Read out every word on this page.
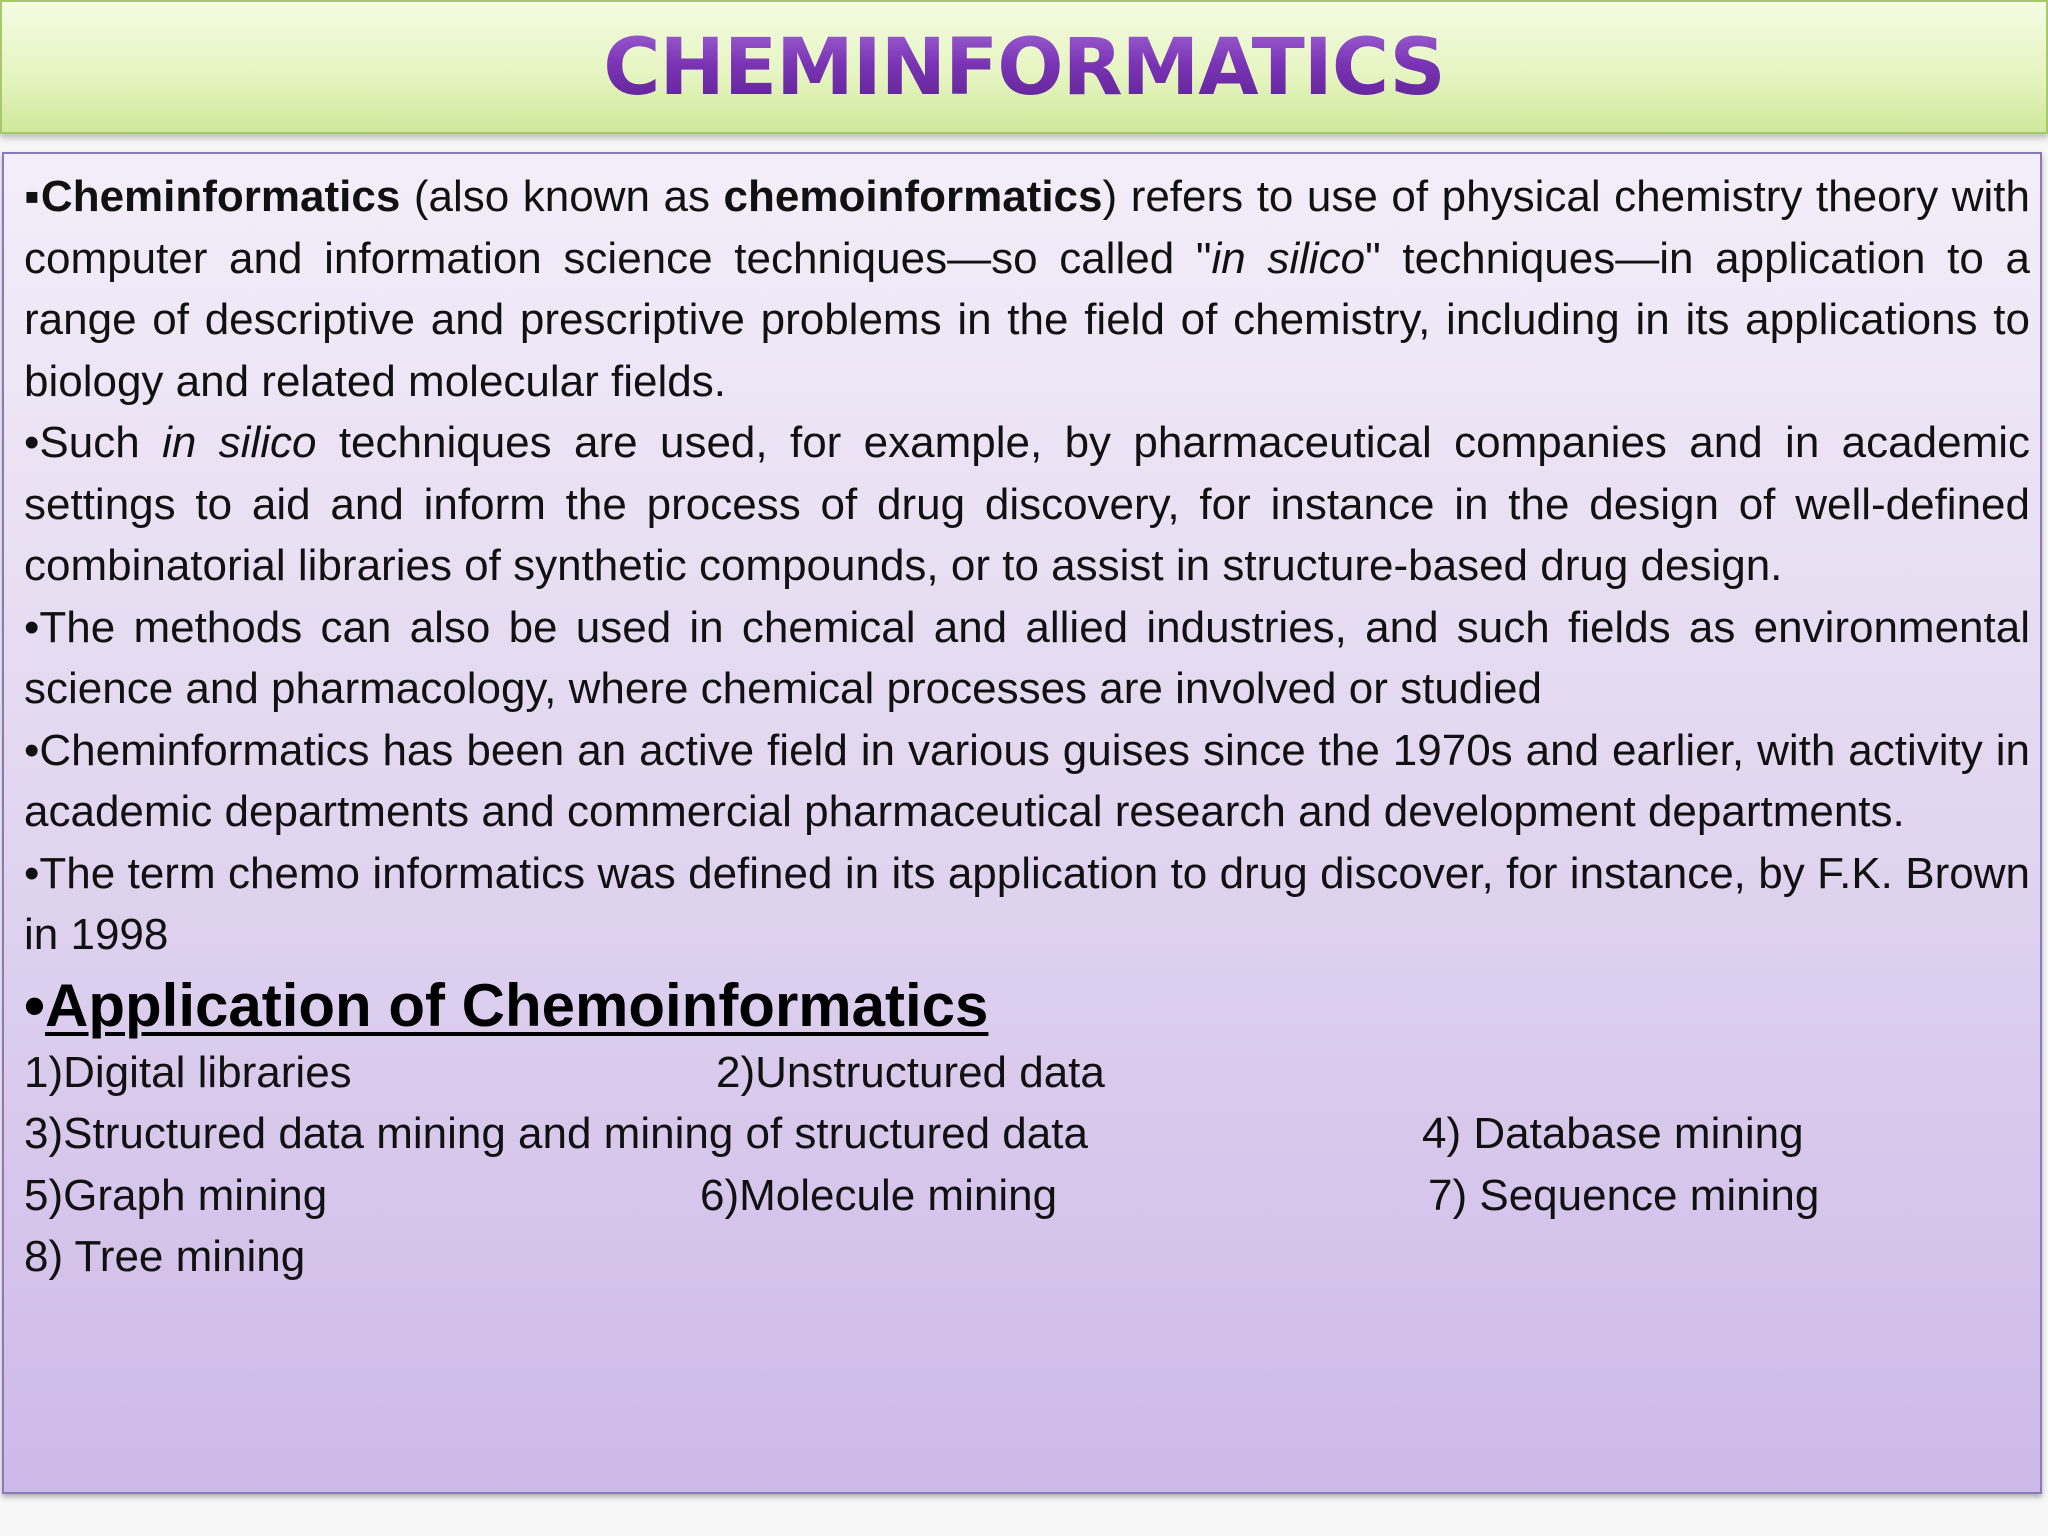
CHEMINFORMATICS

▪Cheminformatics (also known as chemoinformatics) refers to use of physical chemistry theory with computer and information science techniques—so called "in silico" techniques—in application to a range of descriptive and prescriptive problems in the field of chemistry, including in its applications to biology and related molecular fields.

•Such in silico techniques are used, for example, by pharmaceutical companies and in academic settings to aid and inform the process of drug discovery, for instance in the design of well-defined combinatorial libraries of synthetic compounds, or to assist in structure-based drug design.

•The methods can also be used in chemical and allied industries, and such fields as environmental science and pharmacology, where chemical processes are involved or studied

•Cheminformatics has been an active field in various guises since the 1970s and earlier, with activity in academic departments and commercial pharmaceutical research and development departments.

•The term chemo informatics was defined in its application to drug discover, for instance, by F.K. Brown in 1998

•Application of Chemoinformatics
1)Digital libraries	2)Unstructured data
3)Structured data mining and mining of structured data	4) Database mining
5)Graph mining	6)Molecule mining	7) Sequence mining
8) Tree mining
